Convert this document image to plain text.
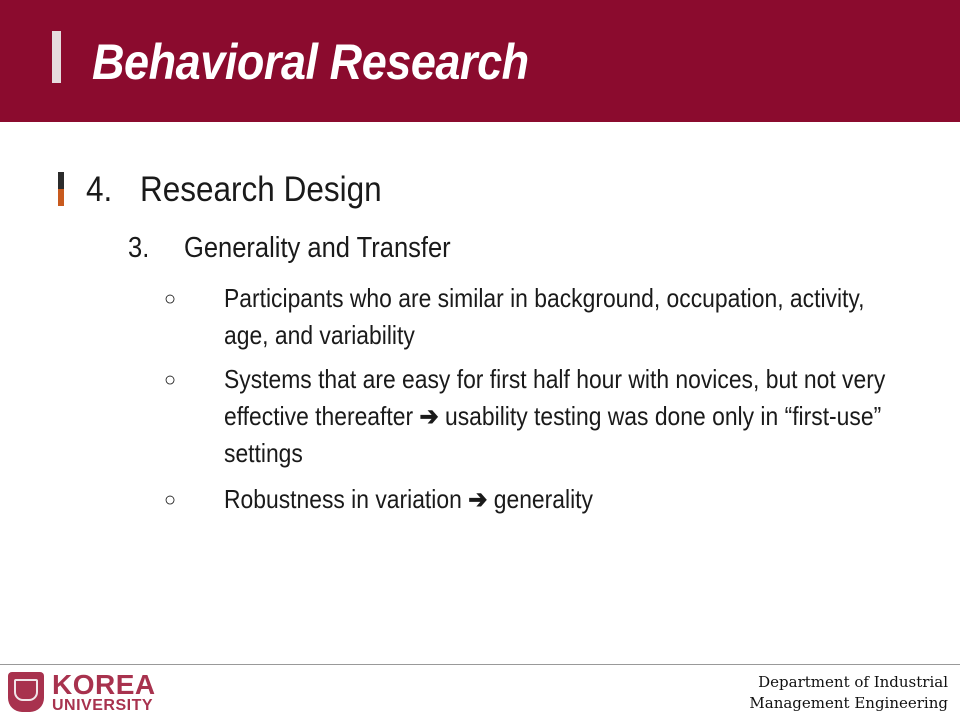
Behavioral Research
4. Research Design
3. Generality and Transfer
○ Participants who are similar in background, occupation, activity, age, and variability
○ Systems that are easy for first half hour with novices, but not very effective thereafter ➔ usability testing was done only in “first-use” settings
○ Robustness in variation ➔ generality
KOREA
UNIVERSITY
Department of Industrial
Management Engineering
